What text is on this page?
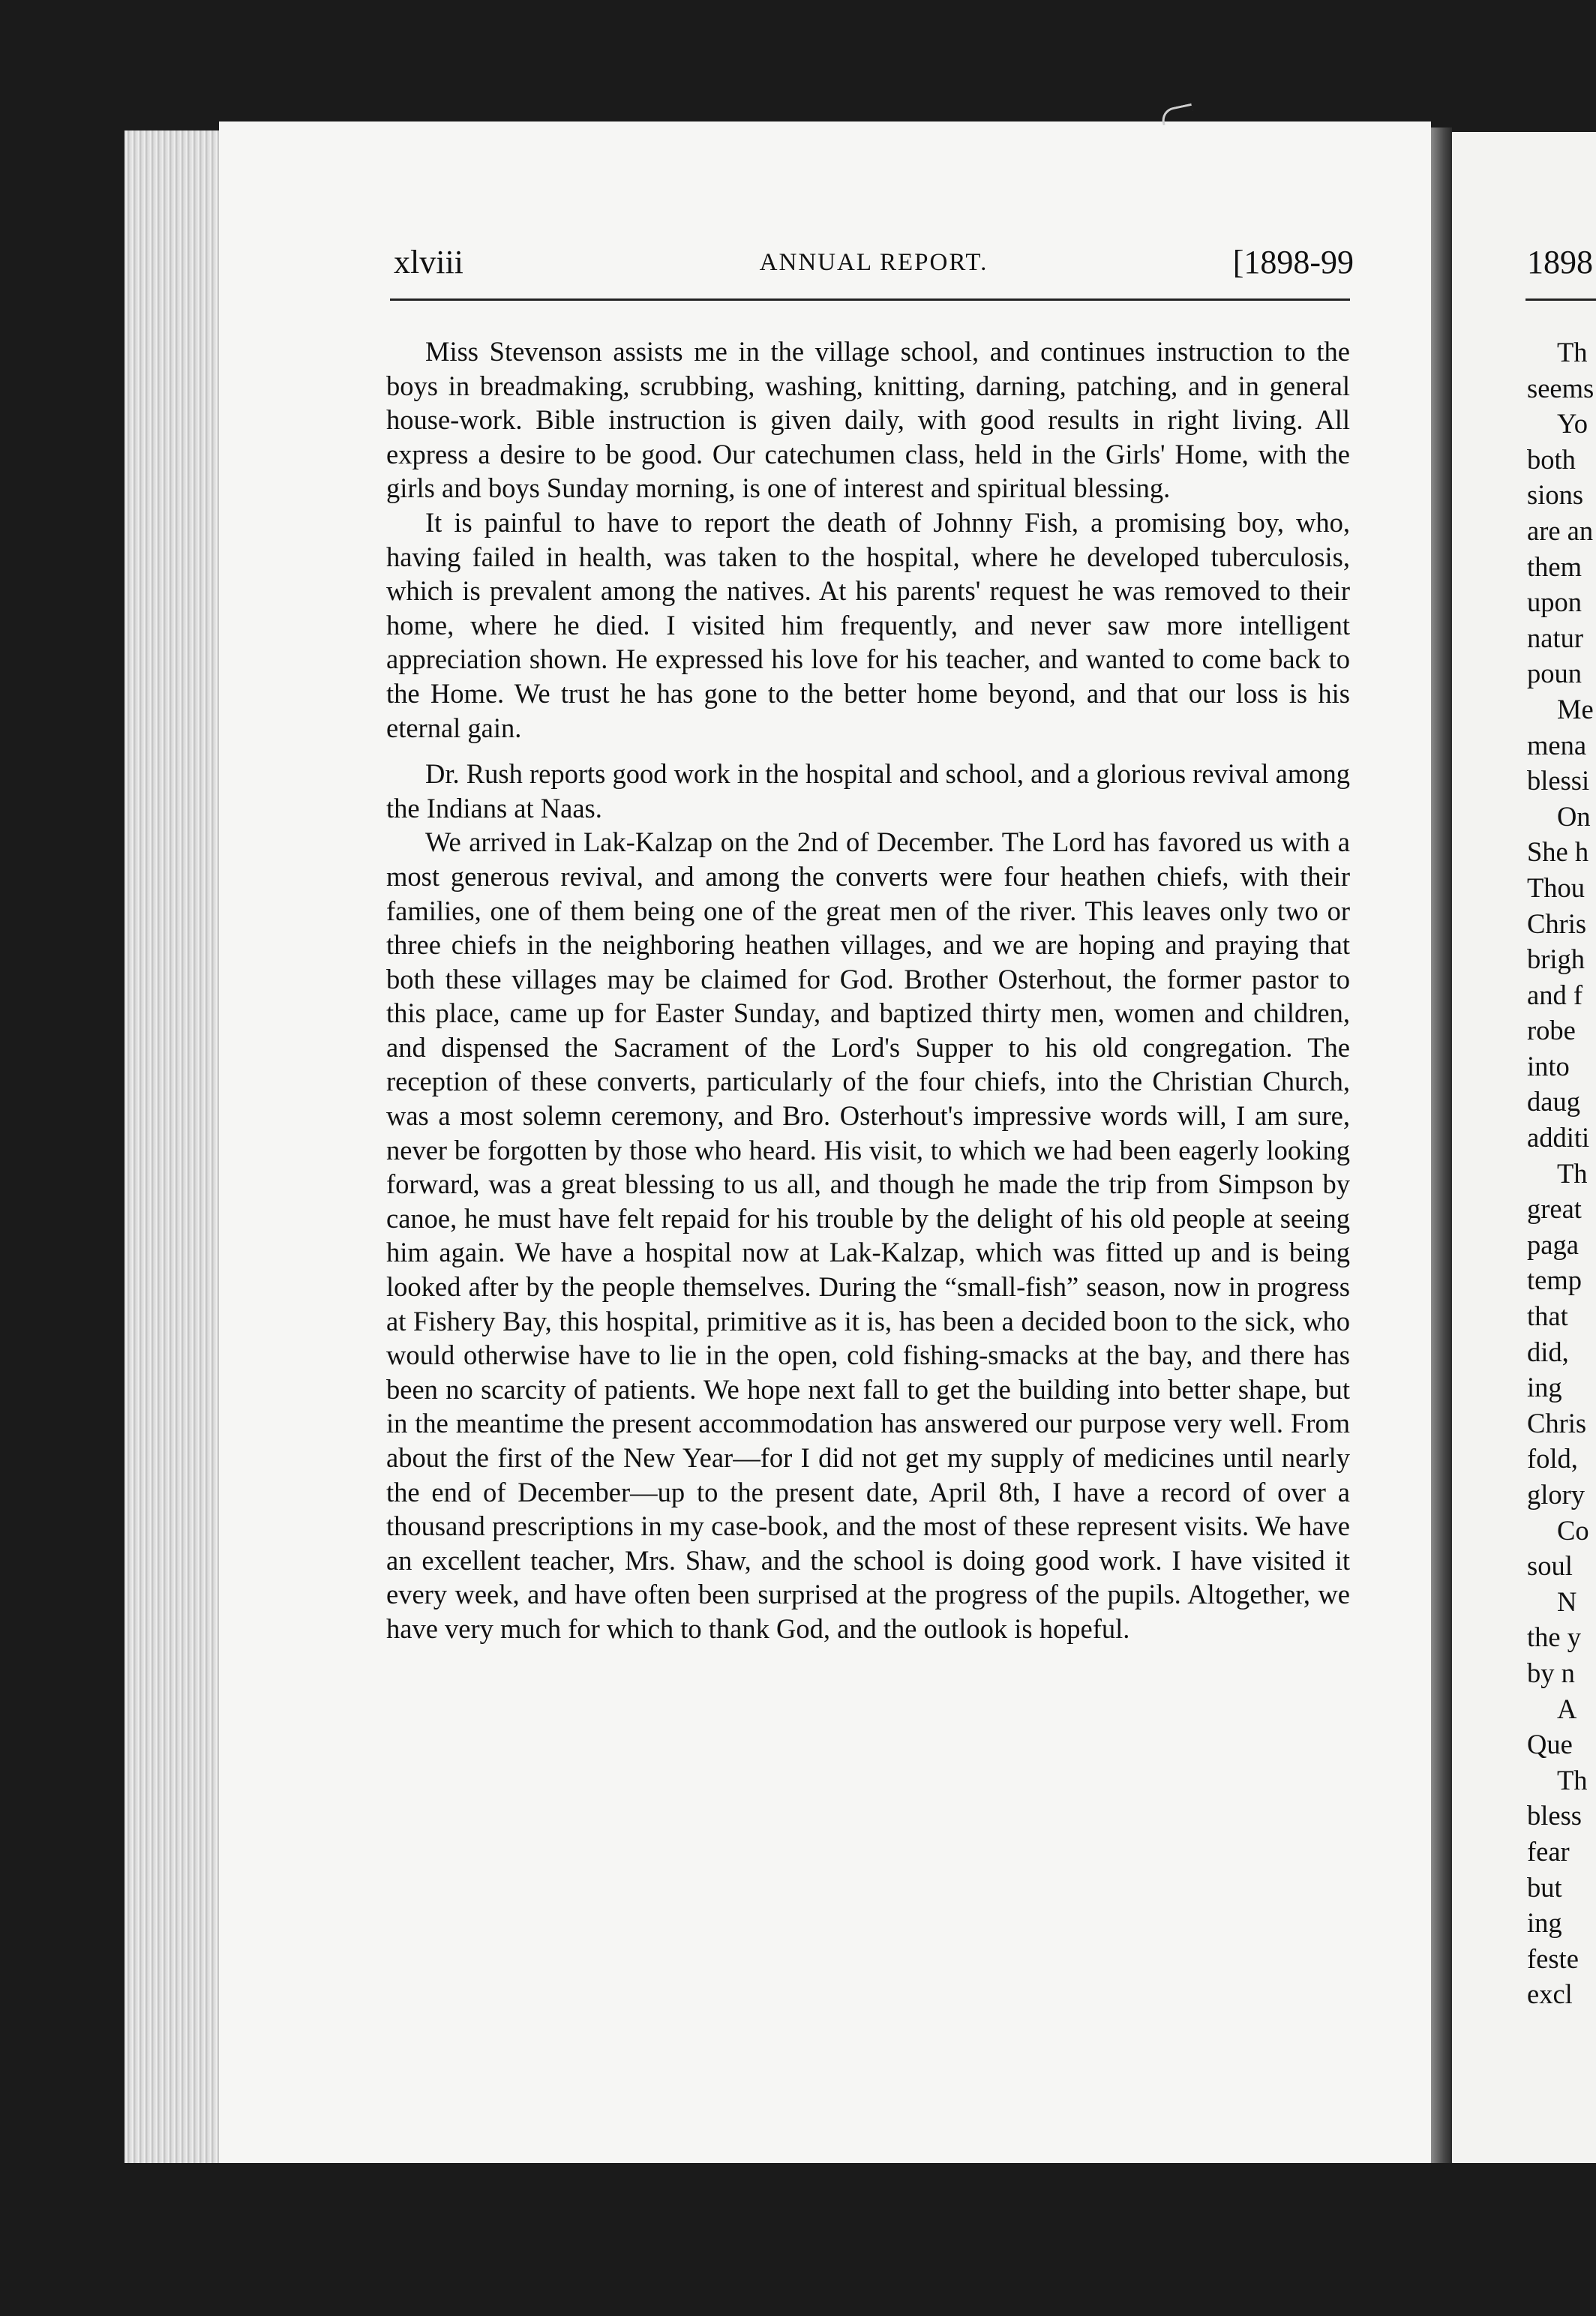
xlviii	ANNUAL REPORT.	[1898-99

Miss Stevenson assists me in the village school, and continues instruction to the boys in breadmaking, scrubbing, washing, knitting, darning, patching, and in general house-work. Bible instruction is given daily, with good results in right living. All express a desire to be good. Our catechumen class, held in the Girls' Home, with the girls and boys Sunday morning, is one of interest and spiritual blessing.

It is painful to have to report the death of Johnny Fish, a promising boy, who, having failed in health, was taken to the hospital, where he developed tuberculosis, which is prevalent among the natives. At his parents' request he was removed to their home, where he died. I visited him frequently, and never saw more intelligent appreciation shown. He expressed his love for his teacher, and wanted to come back to the Home. We trust he has gone to the better home beyond, and that our loss is his eternal gain.

Dr. Rush reports good work in the hospital and school, and a glorious revival among the Indians at Naas.

We arrived in Lak-Kalzap on the 2nd of December. The Lord has favored us with a most generous revival, and among the converts were four heathen chiefs, with their families, one of them being one of the great men of the river. This leaves only two or three chiefs in the neighboring heathen villages, and we are hoping and praying that both these villages may be claimed for God. Brother Osterhout, the former pastor to this place, came up for Easter Sunday, and baptized thirty men, women and children, and dispensed the Sacrament of the Lord's Supper to his old congregation. The reception of these converts, particularly of the four chiefs, into the Christian Church, was a most solemn ceremony, and Bro. Osterhout's impressive words will, I am sure, never be forgotten by those who heard. His visit, to which we had been eagerly looking forward, was a great blessing to us all, and though he made the trip from Simpson by canoe, he must have felt repaid for his trouble by the delight of his old people at seeing him again. We have a hospital now at Lak-Kalzap, which was fitted up and is being looked after by the people themselves. During the “small-fish” season, now in progress at Fishery Bay, this hospital, primitive as it is, has been a decided boon to the sick, who would otherwise have to lie in the open, cold fishing-smacks at the bay, and there has been no scarcity of patients. We hope next fall to get the building into better shape, but in the meantime the present accommodation has answered our purpose very well. From about the first of the New Year—for I did not get my supply of medicines until nearly the end of December—up to the present date, April 8th, I have a record of over a thousand prescriptions in my case-book, and the most of these represent visits. We have an excellent teacher, Mrs. Shaw, and the school is doing good work. I have visited it every week, and have often been surprised at the progress of the pupils. Altogether, we have very much for which to thank God, and the outlook is hopeful.

1898
Th
seems
Yo
both
sions
are an
them
upon
natur
poun
Me
mena
blessi
On
She h
Thou
Chris
brigh
and f
robe
into
daug
additi
Th
great
paga
temp
that
did,
ing
Chris
fold,
glory
Co
soul
N
the y
by n
A
Que
Th
bless
fear
but
ing
feste
excl
